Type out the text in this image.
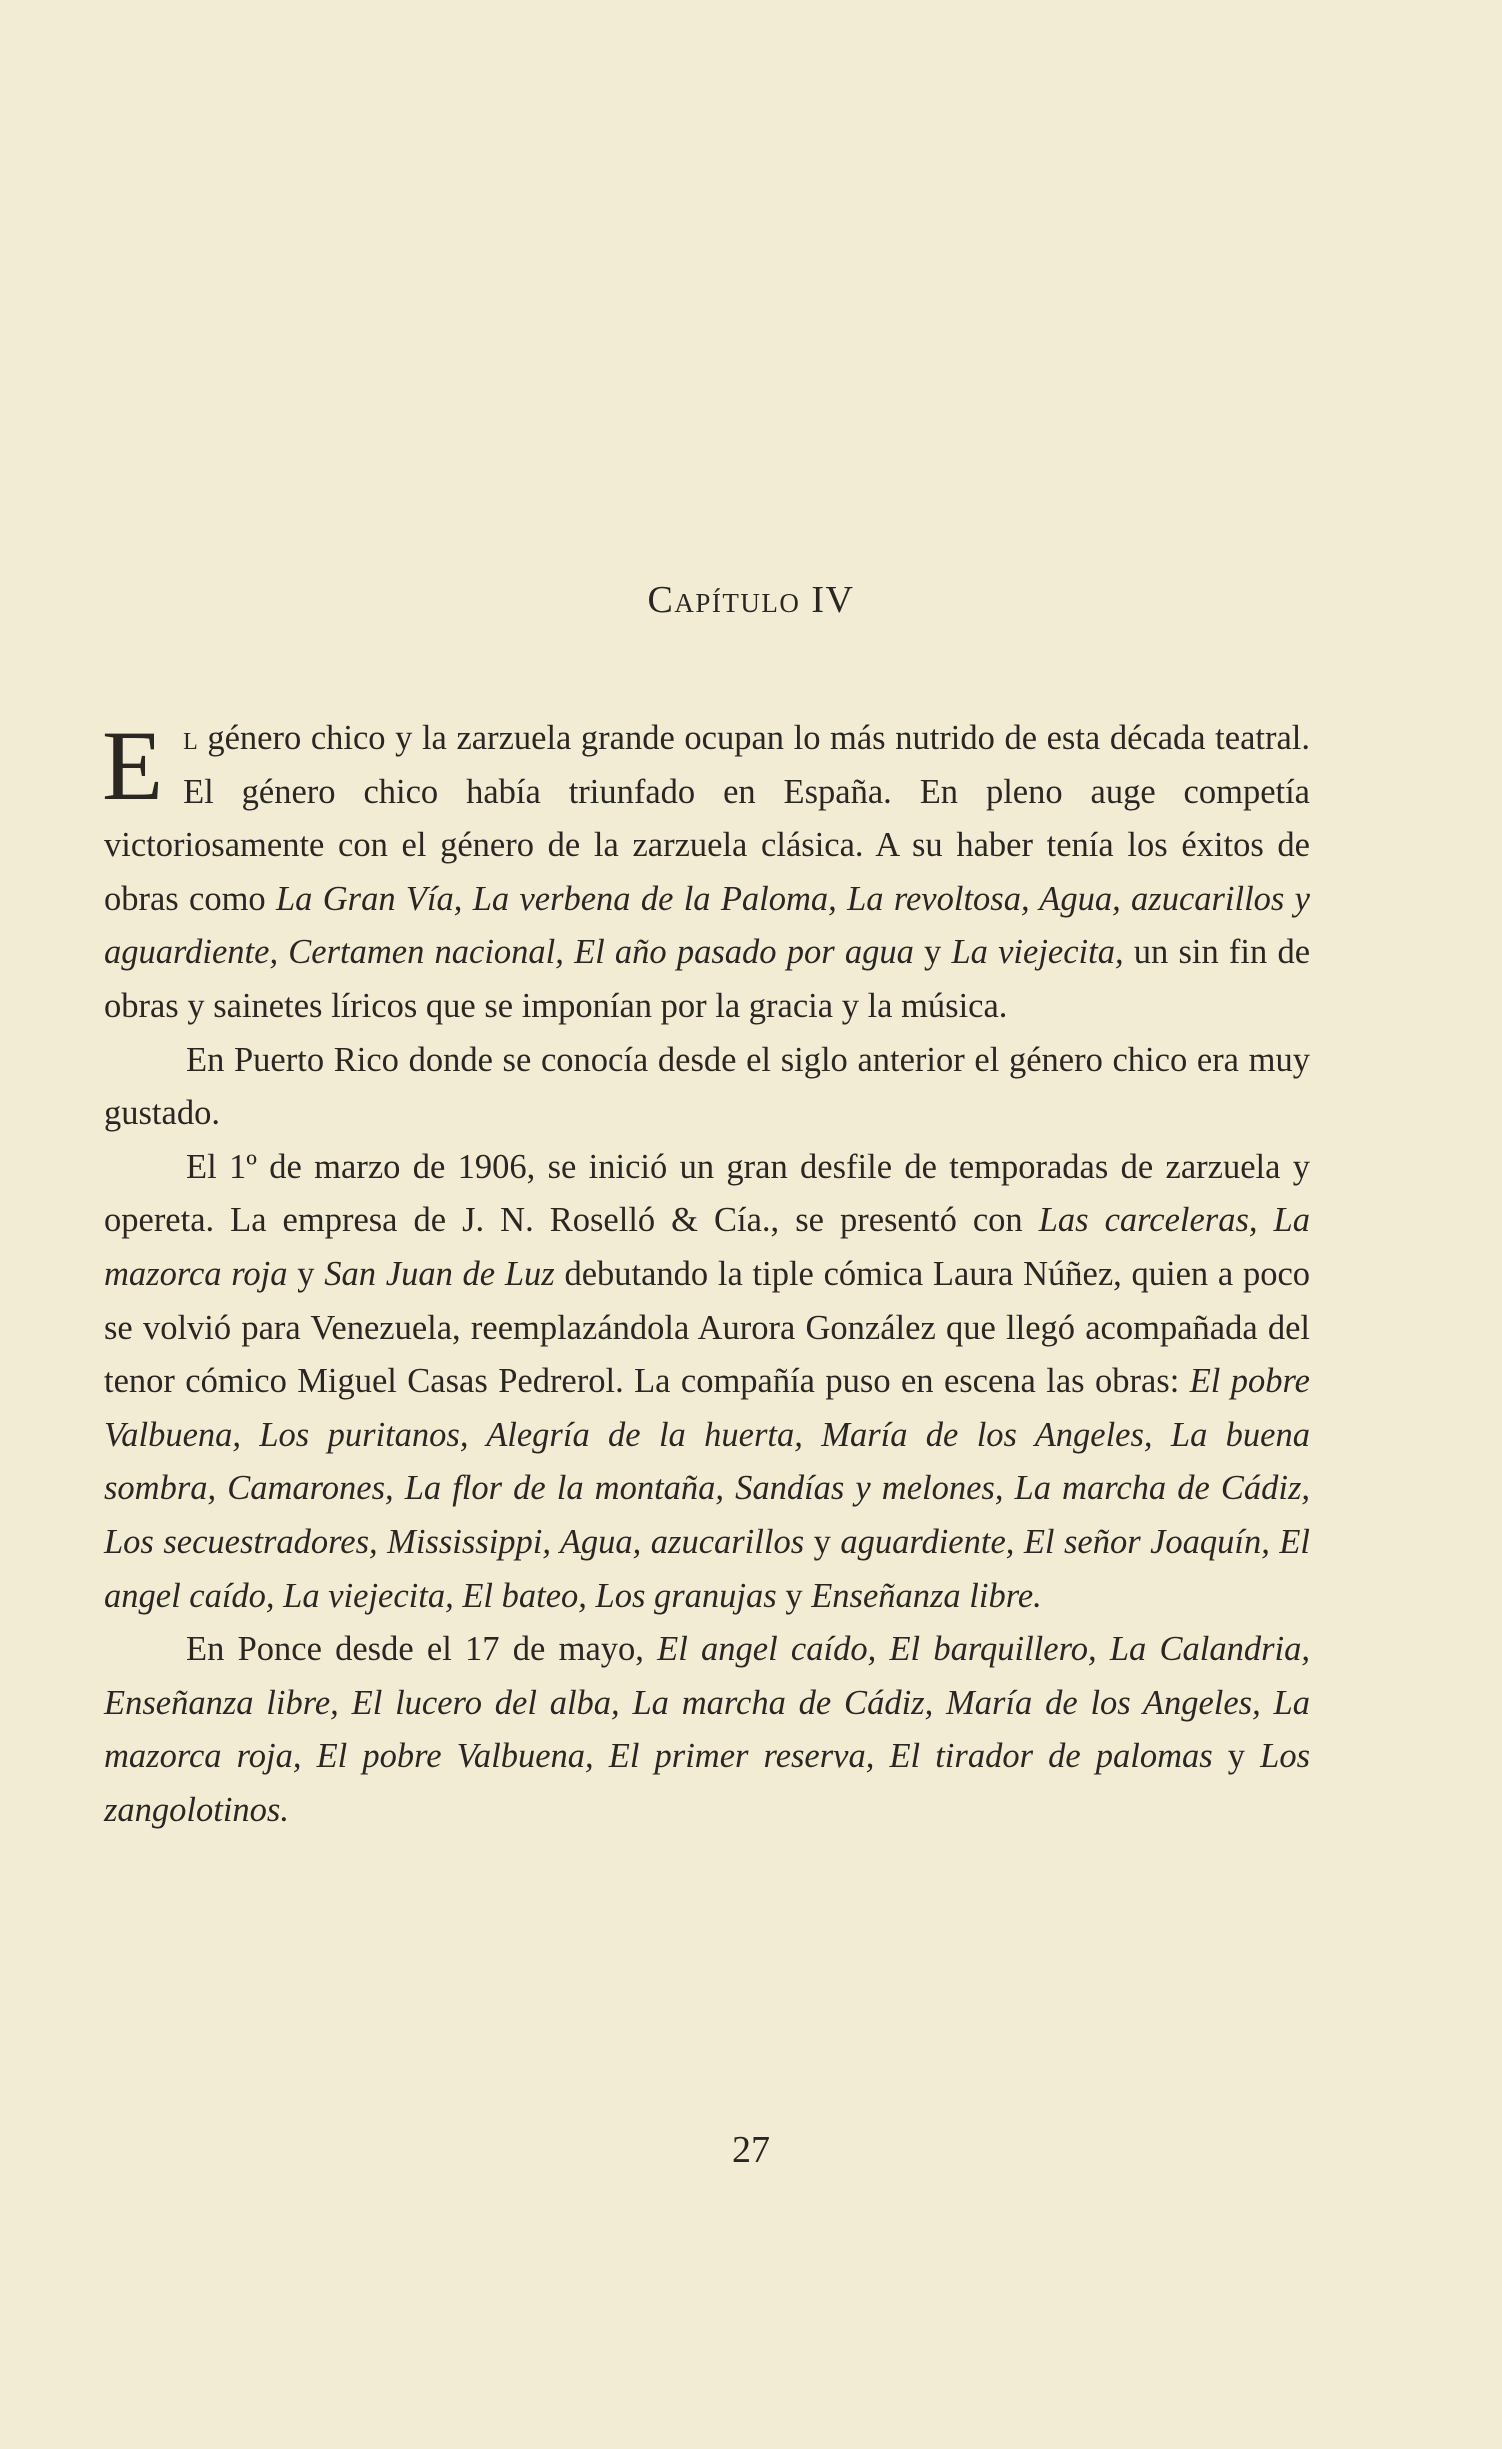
Capítulo IV

El género chico y la zarzuela grande ocupan lo más nutrido de esta década teatral. El género chico había triunfado en España. En pleno auge competía victoriosamente con el género de la zarzuela clásica. A su haber tenía los éxitos de obras como La Gran Vía, La verbena de la Paloma, La revoltosa, Agua, azucarillos y aguardiente, Certamen nacional, El año pasado por agua y La viejecita, un sin fin de obras y sainetes líricos que se imponían por la gracia y la música.

En Puerto Rico donde se conocía desde el siglo anterior el género chico era muy gustado.

El 1º de marzo de 1906, se inició un gran desfile de temporadas de zarzuela y opereta. La empresa de J. N. Roselló & Cía., se presentó con Las carceleras, La mazorca roja y San Juan de Luz debutando la tiple cómica Laura Núñez, quien a poco se volvió para Venezuela, reemplazándola Aurora González que llegó acompañada del tenor cómico Miguel Casas Pedrerol. La compañía puso en escena las obras: El pobre Valbuena, Los puritanos, Alegría de la huerta, María de los Angeles, La buena sombra, Camarones, La flor de la montaña, Sandías y melones, La marcha de Cádiz, Los secuestradores, Mississippi, Agua, azucarillos y aguardiente, El señor Joaquín, El angel caído, La viejecita, El bateo, Los granujas y Enseñanza libre.

En Ponce desde el 17 de mayo, El angel caído, El barquillero, La Calandria, Enseñanza libre, El lucero del alba, La marcha de Cádiz, María de los Angeles, La mazorca roja, El pobre Valbuena, El primer reserva, El tirador de palomas y Los zangolotinos.

27
